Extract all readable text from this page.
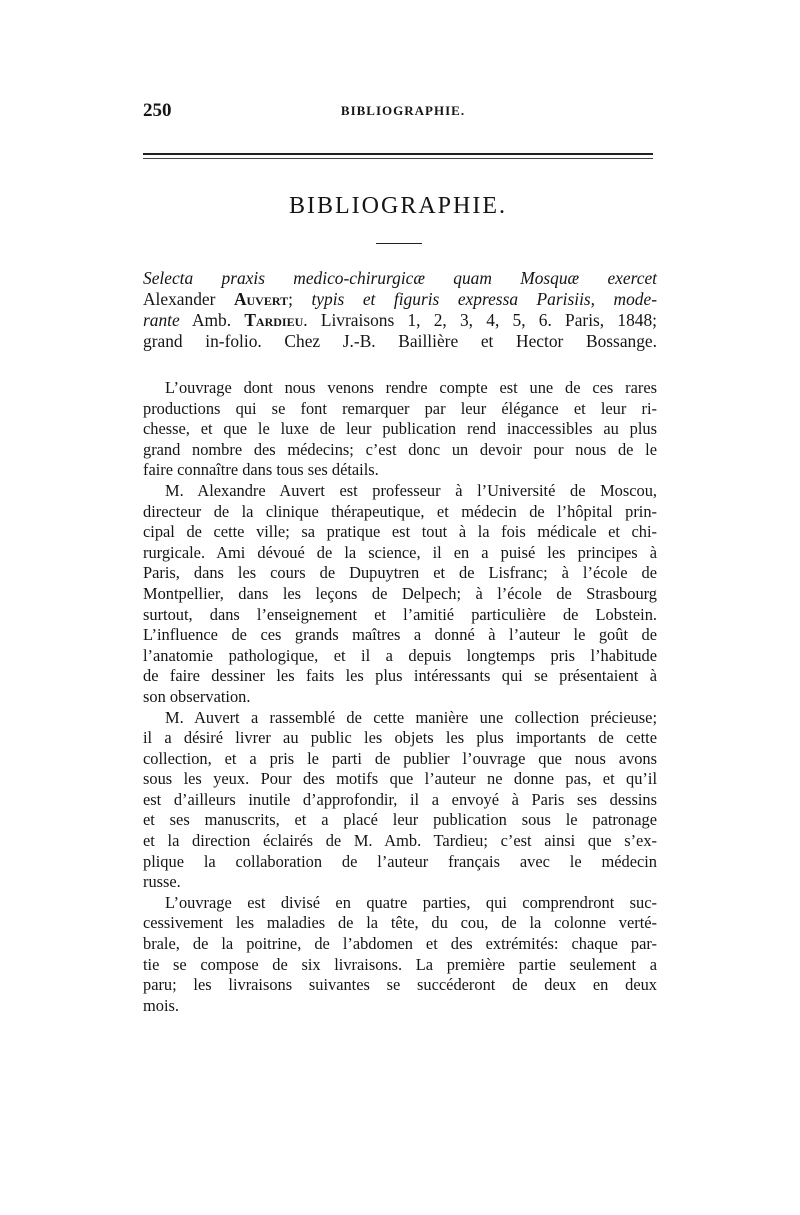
250	BIBLIOGRAPHIE.
BIBLIOGRAPHIE.
Selecta praxis medico-chirurgicæ quam Mosquæ exercet
Alexander Auvert; typis et figuris expressa Parisiis, mode-
rante Amb. Tardieu. Livraisons 1, 2, 3, 4, 5, 6. Paris, 1848;
grand in-folio. Chez J.-B. Baillière et Hector Bossange.
L’ouvrage dont nous venons rendre compte est une de ces rares
productions qui se font remarquer par leur élégance et leur ri-
chesse, et que le luxe de leur publication rend inaccessibles au plus
grand nombre des médecins; c’est donc un devoir pour nous de le
faire connaître dans tous ses détails.
M. Alexandre Auvert est professeur à l’Université de Moscou,
directeur de la clinique thérapeutique, et médecin de l’hôpital prin-
cipal de cette ville; sa pratique est tout à la fois médicale et chi-
rurgicale. Ami dévoué de la science, il en a puisé les principes à
Paris, dans les cours de Dupuytren et de Lisfranc; à l’école de
Montpellier, dans les leçons de Delpech; à l’école de Strasbourg
surtout, dans l’enseignement et l’amitié particulière de Lobstein.
L’influence de ces grands maîtres a donné à l’auteur le goût de
l’anatomie pathologique, et il a depuis longtemps pris l’habitude
de faire dessiner les faits les plus intéressants qui se présentaient à
son observation.
M. Auvert a rassemblé de cette manière une collection précieuse;
il a désiré livrer au public les objets les plus importants de cette
collection, et a pris le parti de publier l’ouvrage que nous avons
sous les yeux. Pour des motifs que l’auteur ne donne pas, et qu’il
est d’ailleurs inutile d’approfondir, il a envoyé à Paris ses dessins
et ses manuscrits, et a placé leur publication sous le patronage
et la direction éclairés de M. Amb. Tardieu; c’est ainsi que s’ex-
plique la collaboration de l’auteur français avec le médecin
russe.
L’ouvrage est divisé en quatre parties, qui comprendront suc-
cessivement les maladies de la tête, du cou, de la colonne verté-
brale, de la poitrine, de l’abdomen et des extrémités: chaque par-
tie se compose de six livraisons. La première partie seulement a
paru; les livraisons suivantes se succéderont de deux en deux
mois.
